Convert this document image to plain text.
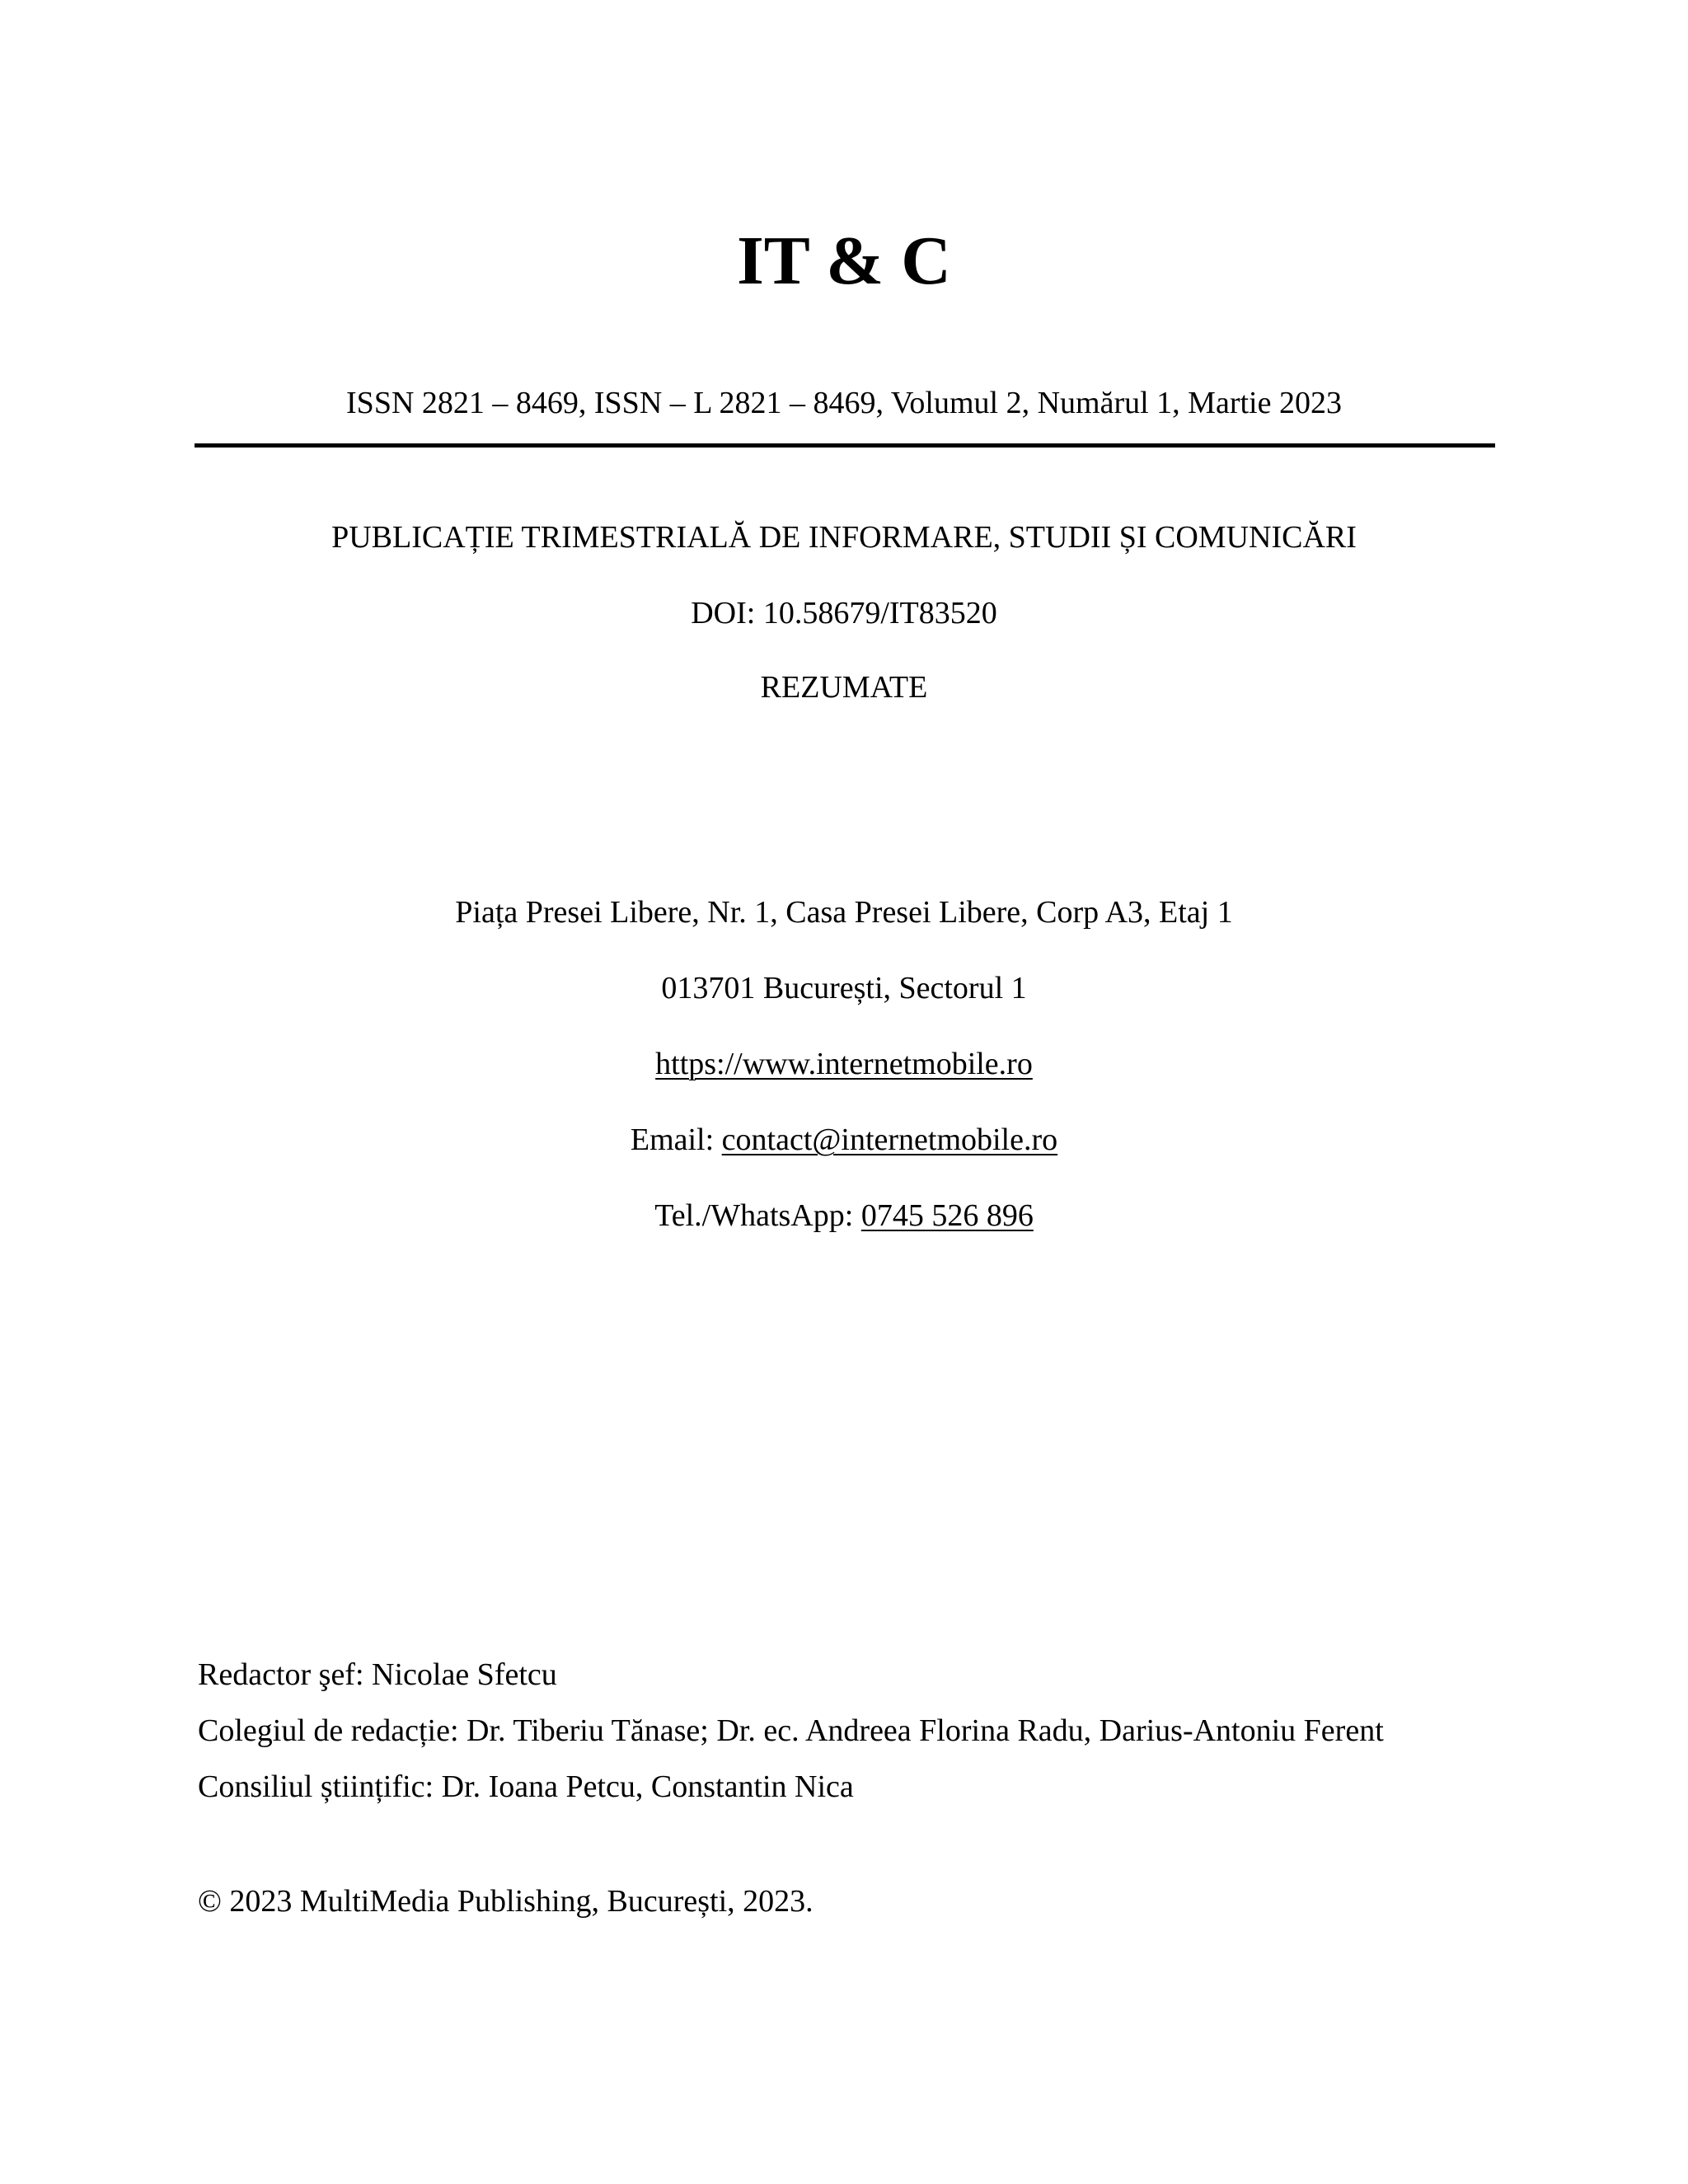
IT & C
ISSN 2821 – 8469, ISSN – L 2821 – 8469, Volumul 2, Numărul 1, Martie 2023
PUBLICAȚIE TRIMESTRIALĂ DE INFORMARE, STUDII ȘI COMUNICĂRI
DOI: 10.58679/IT83520
REZUMATE
Piața Presei Libere, Nr. 1, Casa Presei Libere, Corp A3, Etaj 1
013701 București, Sectorul 1
https://www.internetmobile.ro
Email: contact@internetmobile.ro
Tel./WhatsApp: 0745 526 896
Redactor şef: Nicolae Sfetcu
Colegiul de redacție: Dr. Tiberiu Tănase; Dr. ec. Andreea Florina Radu, Darius-Antoniu Ferent
Consiliul științific: Dr. Ioana Petcu, Constantin Nica
© 2023 MultiMedia Publishing, București, 2023.
